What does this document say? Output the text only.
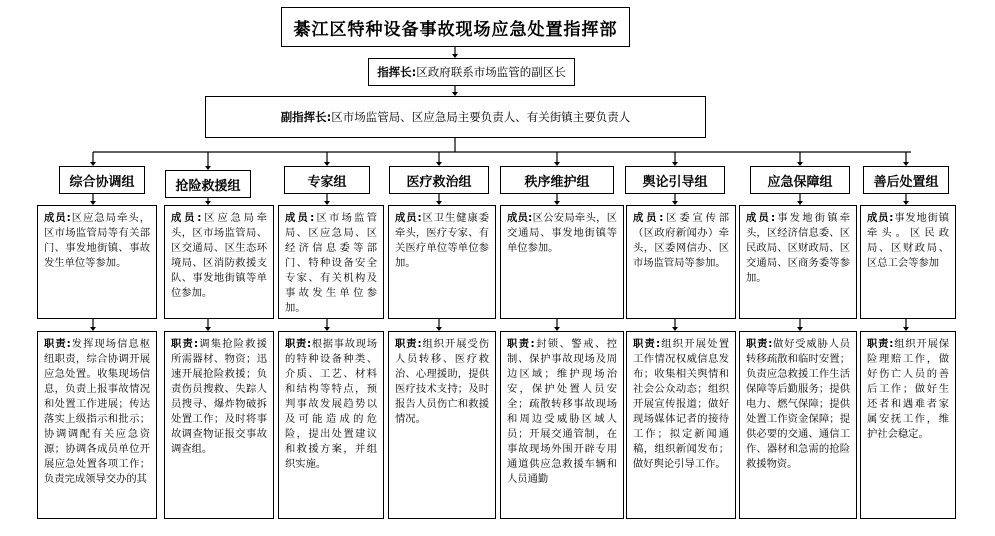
綦江区特种设备事故现场应急处置指挥部
指挥长: 区政府联系市场监管的副区长
副指挥长: 区市场监管局、区应急局主要负责人、有关街镇主要负责人
综合协调组	抢险救援组	专家组	医疗救治组	秩序维护组	舆论引导组	应急保障组	善后处置组
成员:区应急局牵头，区市场监管局等有关部门、事发地街镇、事故发生单位等参加。
成员:区应急局牵头，区市场监管局、区交通局、区生态环境局、区消防救援支队、事发地街镇等单位参加。
成员:区市场监管局、区应急局、区经济信息委等部门、特种设备安全专家、有关机构及事故发生单位参加。
成员:区卫生健康委牵头，医疗专家、有关医疗单位等单位参加。
成员:区公安局牵头，区交通局、事发地街镇等单位参加。
成员:区委宣传部（区政府新闻办）牵头，区委网信办、区市场监管局等参加。
成员:事发地街镇牵头，区经济信息委、区民政局、区财政局、区交通局、区商务委等参加。
成员:事发地街镇牵头。区民政局、区财政局、区总工会等参加
职责:发挥现场信息枢纽职责，综合协调开展应急处置。收集现场信息，负责上报事故情况和处置工作进展；传达落实上级指示和批示；协调调配有关应急资源；协调各成员单位开展应急处置各项工作；负责完成领导交办的其
职责:调集抢险救援所需器材、物资；迅速开展抢险救援；负责伤员搜救、失踪人员搜寻、爆炸物破拆处置工作；及时将事故调查物证报交事故调查组。
职责:根据事故现场的特种设备种类、介质、工艺、材料和结构等特点，预判事故发展趋势以及可能造成的危险，提出处置建议和救援方案，并组织实施。
职责:组织开展受伤人员转移、医疗救治、心理援助，提供医疗技术支持；及时报告人员伤亡和救援情况。
职责:封锁、警戒、控制、保护事故现场及周边区域；维护现场治安，保护处置人员安全；疏散转移事故现场和周边受威胁区域人员；开展交通管制，在事故现场外围开辟专用通道供应急救援车辆和人员通勤
职责:组织开展处置工作情况权威信息发布；收集相关舆情和社会公众动态；组织开展宣传报道；做好现场媒体记者的接待工作；拟定新闻通稿，组织新闻发布；做好舆论引导工作。
职责:做好受威胁人员转移疏散和临时安置；负责应急救援工作生活保障等后勤服务；提供电力、燃气保障；提供处置工作资金保障；提供必要的交通、通信工作、器材和急需的抢险救援物资。
职责:组织开展保险理赔工作，做好伤亡人员的善后工作；做好生还者和遇难者家属安抚工作，维护社会稳定。
